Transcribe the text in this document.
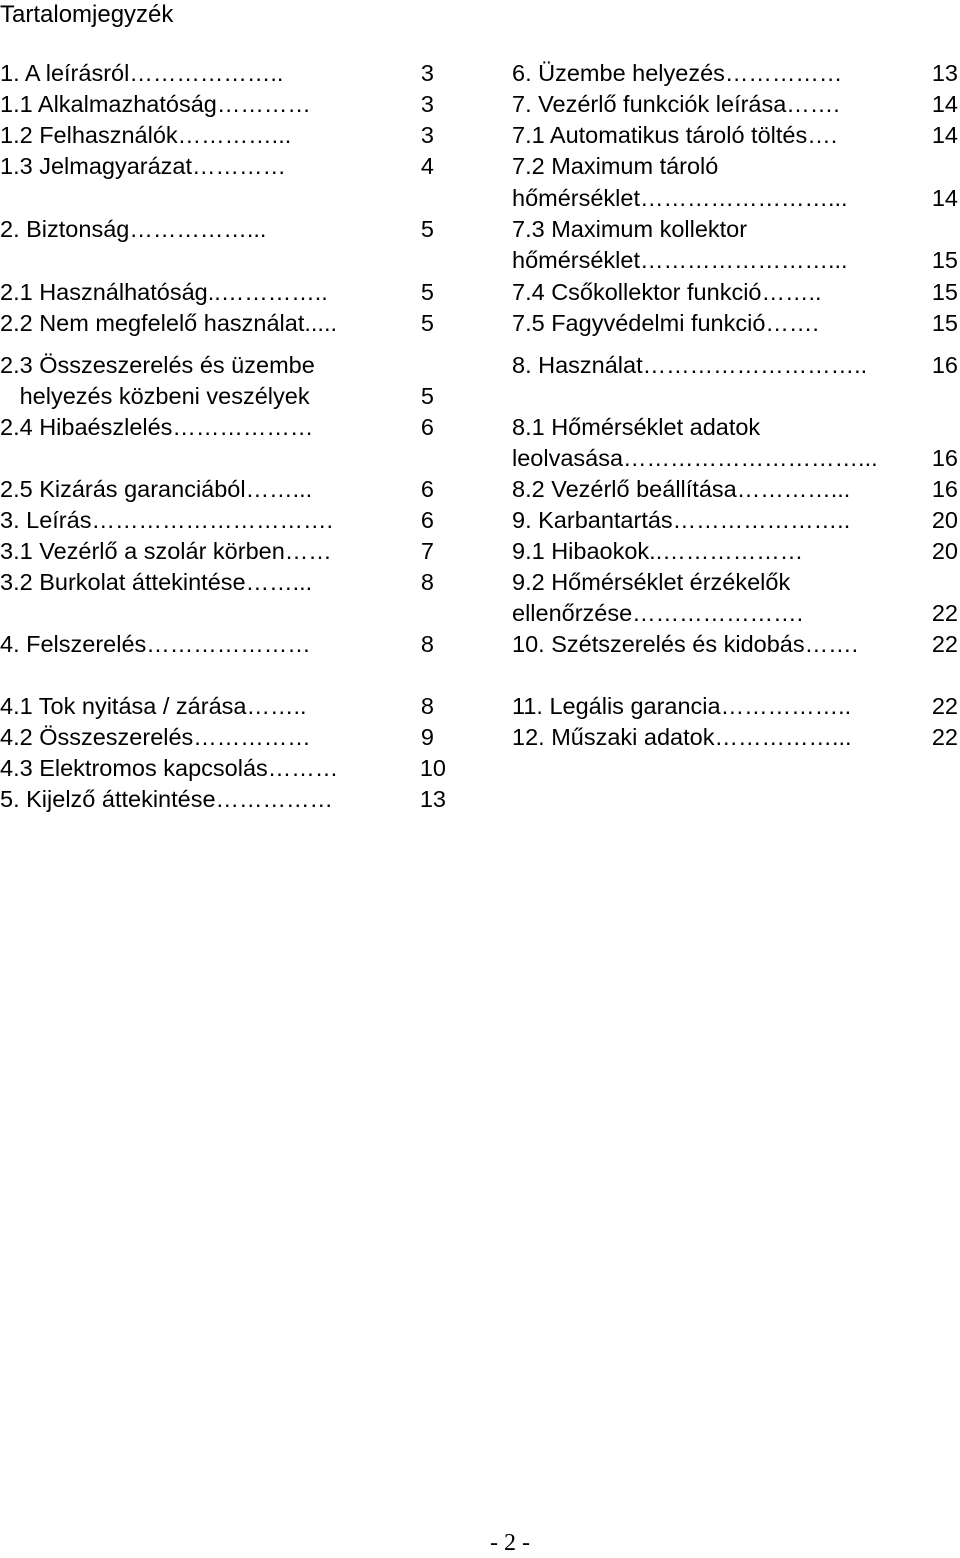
Tartalomjegyzék
1. A leírásról………………..	3
1.1 Alkalmazhatóság…………	3
1.2 Felhasználók…………...	3
1.3 Jelmagyarázat…………	4
2. Biztonság……………...	5
2.1 Használhatóság..…………..	5
2.2 Nem megfelelő használat.....	5
2.3 Összeszerelés és üzembe
helyezés közbeni veszélyek	5
2.4 Hibaészlelés………………	6
2.5 Kizárás garanciából……...	6
3. Leírás………………………….	6
3.1 Vezérlő a szolár körben……	7
3.2 Burkolat áttekintése……...	8
4. Felszerelés…………………	8
4.1 Tok nyitása / zárása……..	8
4.2 Összeszerelés……………	9
4.3 Elektromos kapcsolás………	10
5. Kijelző áttekintése……………	13
6. Üzembe helyezés……………	13
7. Vezérlő funkciók leírása…….	14
7.1 Automatikus tároló töltés….	14
7.2 Maximum tároló
hőmérséklet……………………...	14
7.3 Maximum kollektor
hőmérséklet……………………...	15
7.4 Csőkollektor funkció……..	15
7.5 Fagyvédelmi funkció…….	15
8. Használat………………………..	16
8.1 Hőmérséklet adatok
leolvasása…………………………... 16
8.2 Vezérlő beállítása…………...	16
9. Karbantartás…………………..	20
9.1 Hibaokok..………………	20
9.2 Hőmérséklet érzékelők
ellenőrzése………………….	22
10. Szétszerelés és kidobás…….	22
11. Legális garancia……………..	22
12. Műszaki adatok……………...	22
- 2 -
